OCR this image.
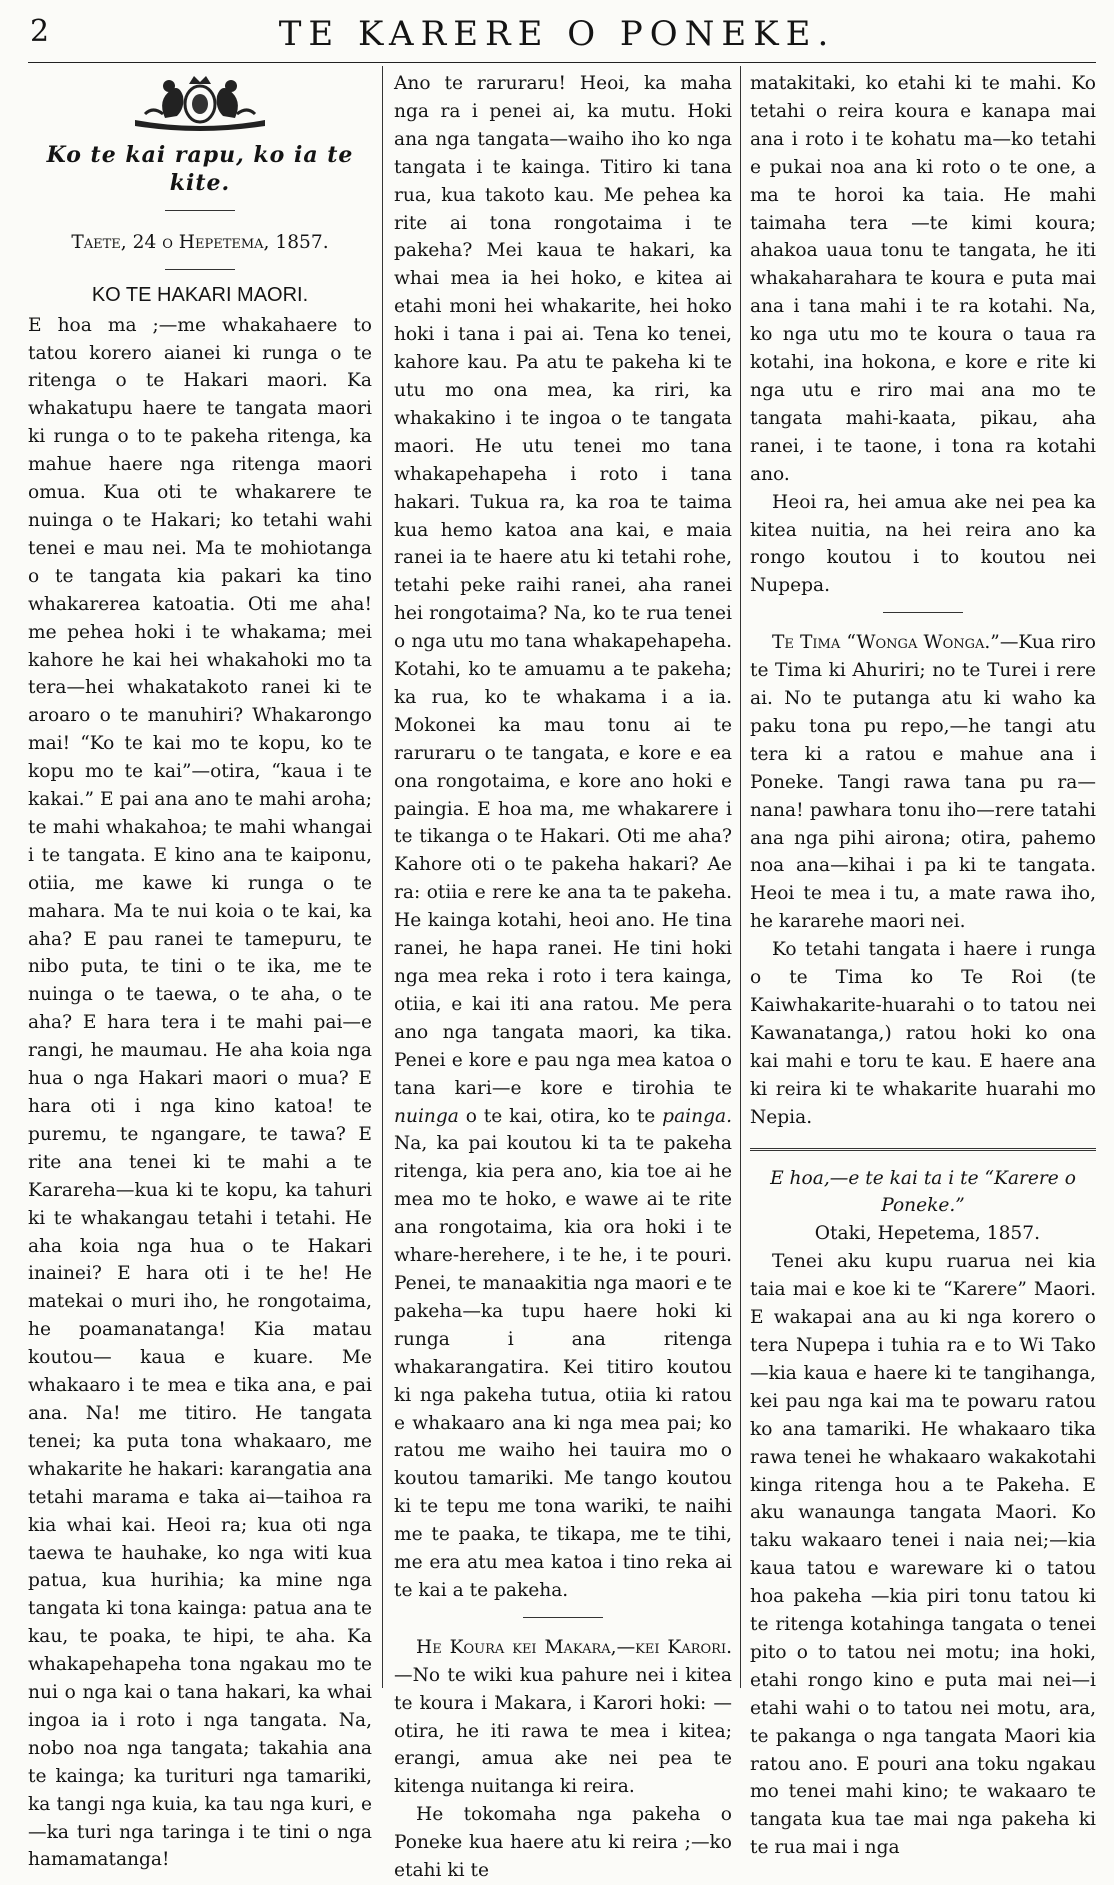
2	TE KARERE O PONEKE.

Ko te kai rapu, ko ia te kite.

Taete, 24 o Hepetema, 1857.

KO TE HAKARI MAORI.

E hoa ma ;—me whakahaere to tatou korero aianei ki runga o te ritenga o te Hakari maori. Ka whakatupu haere te tangata maori ki runga o to te pakeha ritenga, ka mahue haere nga ritenga maori omua. Kua oti te whakarere te nuinga o te Hakari; ko tetahi wahi tenei e mau nei. Ma te mohiotanga o te tangata kia pakari ka tino whakarerea katoatia. Oti me aha! me pehea hoki i te whakama; mei kahore he kai hei whakahoki mo ta tera—hei whakatakoto ranei ki te aroaro o te manuhiri? Whakarongo mai! “Ko te kai mo te kopu, ko te kopu mo te kai”—otira, “kaua i te kakai.” E pai ana ano te mahi aroha; te mahi whakahoa; te mahi whangai i te tangata. E kino ana te kaiponu, otiia, me kawe ki runga o te mahara. Ma te nui koia o te kai, ka aha? E pau ranei te tamepuru, te nibo puta, te tini o te ika, me te nuinga o te taewa, o te aha, o te aha? E hara tera i te mahi pai—e rangi, he maumau. He aha koia nga hua o nga Hakari maori o mua? E hara oti i nga kino katoa! te puremu, te ngangare, te tawa? E rite ana tenei ki te mahi a te Karareha—kua ki te kopu, ka tahuri ki te whakangau tetahi i tetahi. He aha koia nga hua o te Hakari inainei? E hara oti i te he! He matekai o muri iho, he rongotaima, he poamanatanga! Kia matau koutou— kaua e kuare. Me whakaaro i te mea e tika ana, e pai ana. Na! me titiro. He tangata tenei; ka puta tona whakaaro, me whakarite he hakari: karangatia ana tetahi marama e taka ai—taihoa ra kia whai kai. Heoi ra; kua oti nga taewa te hauhake, ko nga witi kua patua, kua hurihia; ka mine nga tangata ki tona kainga: patua ana te kau, te poaka, te hipi, te aha. Ka whakapehapeha tona ngakau mo te nui o nga kai o tana hakari, ka whai ingoa ia i roto i nga tangata. Na, nobo noa nga tangata; takahia ana te kainga; ka turituri nga tamariki, ka tangi nga kuia, ka tau nga kuri, e—ka turi nga taringa i te tini o nga hamamatanga!

Ano te raruraru! Heoi, ka maha nga ra i penei ai, ka mutu. Hoki ana nga tangata—waiho iho ko nga tangata i te kainga. Titiro ki tana rua, kua takoto kau. Me pehea ka rite ai tona rongotaima i te pakeha? Mei kaua te hakari, ka whai mea ia hei hoko, e kitea ai etahi moni hei whakarite, hei hoko hoki i tana i pai ai. Tena ko tenei, kahore kau. Pa atu te pakeha ki te utu mo ona mea, ka riri, ka whakakino i te ingoa o te tangata maori. He utu tenei mo tana whakapehapeha i roto i tana hakari. Tukua ra, ka roa te taima kua hemo katoa ana kai, e maia ranei ia te haere atu ki tetahi rohe, tetahi peke raihi ranei, aha ranei hei rongotaima? Na, ko te rua tenei o nga utu mo tana whakapehapeha. Kotahi, ko te amuamu a te pakeha; ka rua, ko te whakama i a ia. Mokonei ka mau tonu ai te raruraru o te tangata, e kore e ea ona rongotaima, e kore ano hoki e paingia. E hoa ma, me whakarere i te tikanga o te Hakari. Oti me aha? Kahore oti o te pakeha hakari? Ae ra: otiia e rere ke ana ta te pakeha. He kainga kotahi, heoi ano. He tina ranei, he hapa ranei. He tini hoki nga mea reka i roto i tera kainga, otiia, e kai iti ana ratou. Me pera ano nga tangata maori, ka tika. Penei e kore e pau nga mea katoa o tana kari—e kore e tirohia te nuinga o te kai, otira, ko te painga. Na, ka pai koutou ki ta te pakeha ritenga, kia pera ano, kia toe ai he mea mo te hoko, e wawe ai te rite ana rongotaima, kia ora hoki i te whare-herehere, i te he, i te pouri. Penei, te manaakitia nga maori e te pakeha—ka tupu haere hoki ki runga i ana ritenga whakarangatira. Kei titiro koutou ki nga pakeha tutua, otiia ki ratou e whakaaro ana ki nga mea pai; ko ratou me waiho hei tauira mo o koutou tamariki. Me tango koutou ki te tepu me tona wariki, te naihi me te paaka, te tikapa, me te tihi, me era atu mea katoa i tino reka ai te kai a te pakeha.

He Koura kei Makara,—kei Karori.—No te wiki kua pahure nei i kitea te koura i Makara, i Karori hoki: —otira, he iti rawa te mea i kitea; erangi, amua ake nei pea te kitenga nuitanga ki reira.

He tokomaha nga pakeha o Poneke kua haere atu ki reira ;—ko etahi ki te

matakitaki, ko etahi ki te mahi. Ko tetahi o reira koura e kanapa mai ana i roto i te kohatu ma—ko tetahi e pukai noa ana ki roto o te one, a ma te horoi ka taia. He mahi taimaha tera —te kimi koura; ahakoa uaua tonu te tangata, he iti whakaharahara te koura e puta mai ana i tana mahi i te ra kotahi. Na, ko nga utu mo te koura o taua ra kotahi, ina hokona, e kore e rite ki nga utu e riro mai ana mo te tangata mahi-kaata, pikau, aha ranei, i te taone, i tona ra kotahi ano.

Heoi ra, hei amua ake nei pea ka kitea nuitia, na hei reira ano ka rongo koutou i to koutou nei Nupepa.

Te Tima “Wonga Wonga.”—Kua riro te Tima ki Ahuriri; no te Turei i rere ai. No te putanga atu ki waho ka paku tona pu repo,—he tangi atu tera ki a ratou e mahue ana i Poneke. Tangi rawa tana pu ra—nana! pawhara tonu iho—rere tatahi ana nga pihi airona; otira, pahemo noa ana—kihai i pa ki te tangata. Heoi te mea i tu, a mate rawa iho, he kararehe maori nei.

Ko tetahi tangata i haere i runga o te Tima ko Te Roi (te Kaiwhakarite-huarahi o to tatou nei Kawanatanga,) ratou hoki ko ona kai mahi e toru te kau. E haere ana ki reira ki te whakarite huarahi mo Nepia.

E hoa,—e te kai ta i te “Karere o Poneke.”

Otaki, Hepetema, 1857.

Tenei aku kupu ruarua nei kia taia mai e koe ki te “Karere” Maori. E wakapai ana au ki nga korero o tera Nupepa i tuhia ra e to Wi Tako —kia kaua e haere ki te tangihanga, kei pau nga kai ma te powaru ratou ko ana tamariki. He whakaaro tika rawa tenei he whakaaro wakakotahi kinga ritenga hou a te Pakeha. E aku wanaunga tangata Maori. Ko taku wakaaro tenei i naia nei;—kia kaua tatou e wareware ki o tatou hoa pakeha —kia piri tonu tatou ki te ritenga kotahinga tangata o tenei pito o to tatou nei motu; ina hoki, etahi rongo kino e puta mai nei—i etahi wahi o to tatou nei motu, ara, te pakanga o nga tangata Maori kia ratou ano. E pouri ana toku ngakau mo tenei mahi kino; te wakaaro te tangata kua tae mai nga pakeha ki te rua mai i nga
